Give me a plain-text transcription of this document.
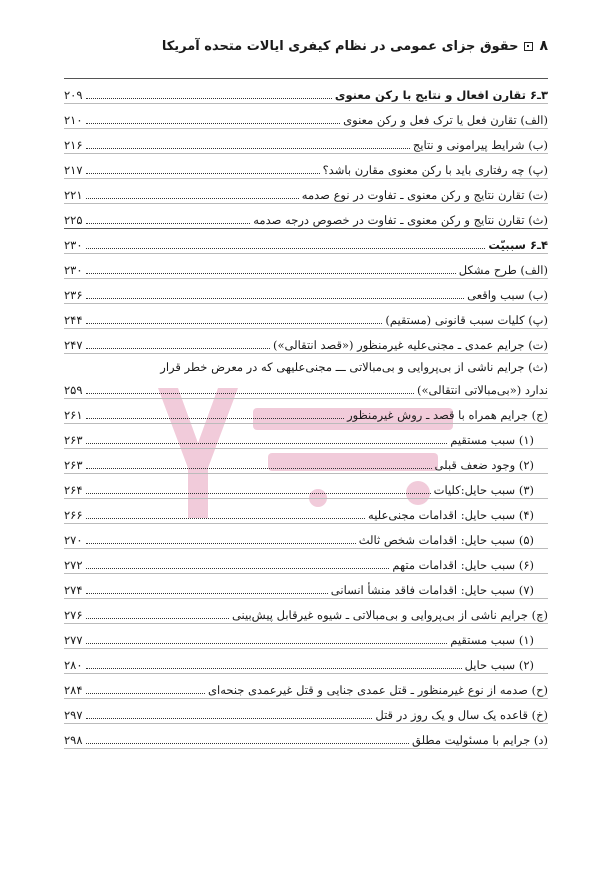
۸
حقوق جزای عمومی در نظام کیفری ایالات متحده آمریکا
۳ـ۶ تقارن افعال و نتایج با رکن معنوی
۲۰۹
(الف) تقارن فعل یا ترک فعل و رکن معنوی
۲۱۰
(ب) شرایط پیرامونی و نتایج
۲۱۶
(پ) چه رفتاری باید با رکن معنوی مقارن باشد؟
۲۱۷
(ت) تقارن نتایج و رکن معنوی ـ تفاوت در نوع صدمه
۲۲۱
(ث) تقارن نتایج و رکن معنوی ـ تفاوت در خصوص درجه صدمه
۲۲۵
۴ـ۶ سببیّت
۲۳۰
(الف) طرح مشکل
۲۳۰
(ب) سبب واقعی
۲۳۶
(پ) کلیات سبب قانونی (مستقیم)
۲۴۴
(ت) جرایم عمدی ـ مجنی‌علیه غیرمنظور («قصد انتقالی»)
۲۴۷
(ث) جرایم ناشی از بی‌پروایی و بی‌مبالاتی ـــ مجنی‌علیهی که در معرض خطر قرار
ندارد («بی‌مبالاتی انتقالی»)
۲۵۹
(ج) جرایم همراه با قصد ـ روش غیرمنظور
۲۶۱
(۱) سبب مستقیم
۲۶۳
(۲) وجود ضعف قبلی
۲۶۳
(۳) سبب حایل:کلیات
۲۶۴
(۴) سبب حایل: اقدامات مجنی‌علیه
۲۶۶
(۵) سبب حایل: اقدامات شخص ثالث
۲۷۰
(۶) سبب حایل: اقدامات متهم
۲۷۲
(۷) سبب حایل: اقدامات فاقد منشأ انسانی
۲۷۴
(چ) جرایم ناشی از بی‌پروایی و بی‌مبالاتی ـ شیوه غیرقابل پیش‌بینی
۲۷۶
(۱) سبب مستقیم
۲۷۷
(۲) سبب حایل
۲۸۰
(ح) صدمه از نوع غیرمنظور ـ قتل عمدی جنایی و قتل غیرعمدی جنحه‌ای
۲۸۴
(خ) قاعده یک سال و یک روز در قتل
۲۹۷
(د) جرایم با مسئولیت مطلق
۲۹۸
